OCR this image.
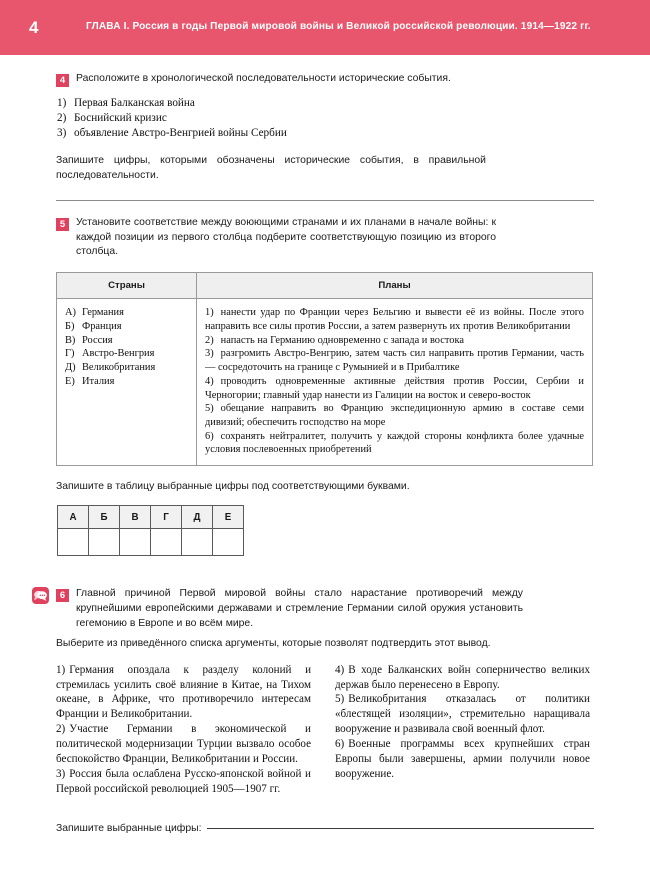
4	ГЛАВА I. Россия в годы Первой мировой войны и Великой российской революции. 1914—1922 гг.
4	Расположите в хронологической последовательности исторические события.
1) Первая Балканская война
2) Боснийский кризис
3) объявление Австро-Венгрией войны Сербии
Запишите цифры, которыми обозначены исторические события, в правильной последовательности.
5	Установите соответствие между воюющими странами и их планами в начале войны: к каждой позиции из первого столбца подберите соответствующую позицию из второго столбца.
Страны	Планы

А) Германия
Б) Франция
В) Россия
Г) Австро-Венгрия
Д) Великобритания
Е) Италия

1) нанести удар по Франции через Бельгию и вывести её из войны. После этого направить все силы против России, а затем развернуть их против Великобритании

2) напасть на Германию одновременно с запада и востока

3) разгромить Австро-Венгрию, затем часть сил направить против Германии, часть — сосредоточить на границе с Румынией и в Прибалтике

4) проводить одновременные активные действия против России, Сербии и Черногории; главный удар нанести из Галиции на восток и северо-восток

5) обещание направить во Францию экспедиционную армию в составе семи дивизий; обеспечить господство на море

6) сохранять нейтралитет, получить у каждой стороны конфликта более удачные условия послевоенных приобретений

Запишите в таблицу выбранные цифры под соответствующими буквами.
А	Б	В	Г	Д	Е

6	Главной причиной Первой мировой войны стало нарастание противоречий между крупнейшими европейскими державами и стремление Германии силой оружия установить гегемонию в Европе и во всём мире.
Выберите из приведённого списка аргументы, которые позволят подтвердить этот вывод.

1) Германия опоздала к разделу колоний и стремилась усилить своё влияние в Китае, на Тихом океане, в Африке, что противоречило интересам Франции и Великобритании.

2) Участие Германии в экономической и политической модернизации Турции вызвало особое беспокойство Франции, Великобритании и России.

3) Россия была ослаблена Русско-японской войной и Первой российской революцией 1905—1907 гг.

4) В ходе Балканских войн соперничество великих держав было перенесено в Европу.

5) Великобритания отказалась от политики «блестящей изоляции», стремительно наращивала вооружение и развивала свой военный флот.

6) Военные программы всех крупнейших стран Европы были завершены, армии получили новое вооружение.

Запишите выбранные цифры:
